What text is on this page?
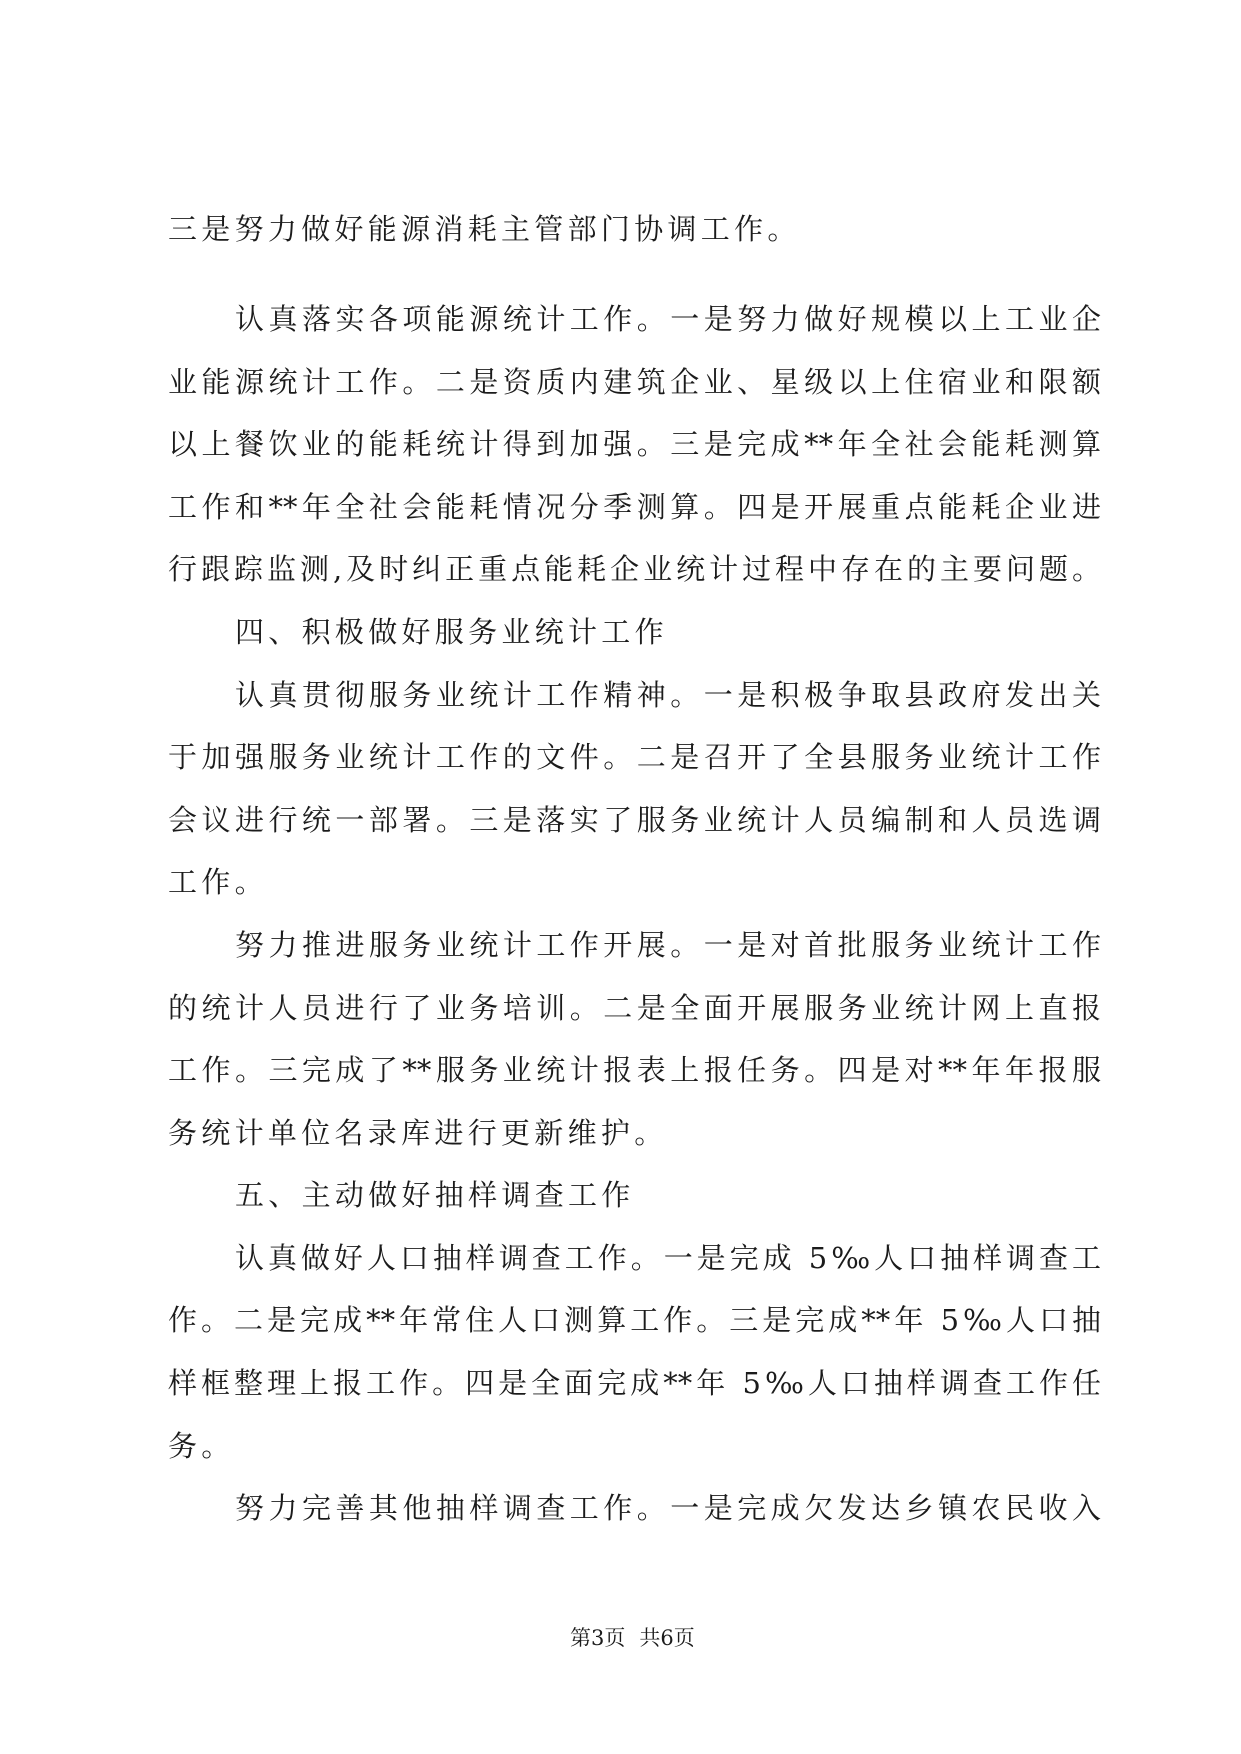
三是努力做好能源消耗主管部门协调工作。
认真落实各项能源统计工作。一是努力做好规模以上工业企
业能源统计工作。二是资质内建筑企业、星级以上住宿业和限额
以上餐饮业的能耗统计得到加强。三是完成**年全社会能耗测算
工作和**年全社会能耗情况分季测算。四是开展重点能耗企业进
行跟踪监测,及时纠正重点能耗企业统计过程中存在的主要问题。
四、积极做好服务业统计工作
认真贯彻服务业统计工作精神。一是积极争取县政府发出关
于加强服务业统计工作的文件。二是召开了全县服务业统计工作
会议进行统一部署。三是落实了服务业统计人员编制和人员选调
工作。
努力推进服务业统计工作开展。一是对首批服务业统计工作
的统计人员进行了业务培训。二是全面开展服务业统计网上直报
工作。三完成了**服务业统计报表上报任务。四是对**年年报服
务统计单位名录库进行更新维护。
五、主动做好抽样调查工作
认真做好人口抽样调查工作。一是完成 5‰人口抽样调查工
作。二是完成**年常住人口测算工作。三是完成**年 5‰人口抽
样框整理上报工作。四是全面完成**年 5‰人口抽样调查工作任
务。
努力完善其他抽样调查工作。一是完成欠发达乡镇农民收入
第3页 共6页
